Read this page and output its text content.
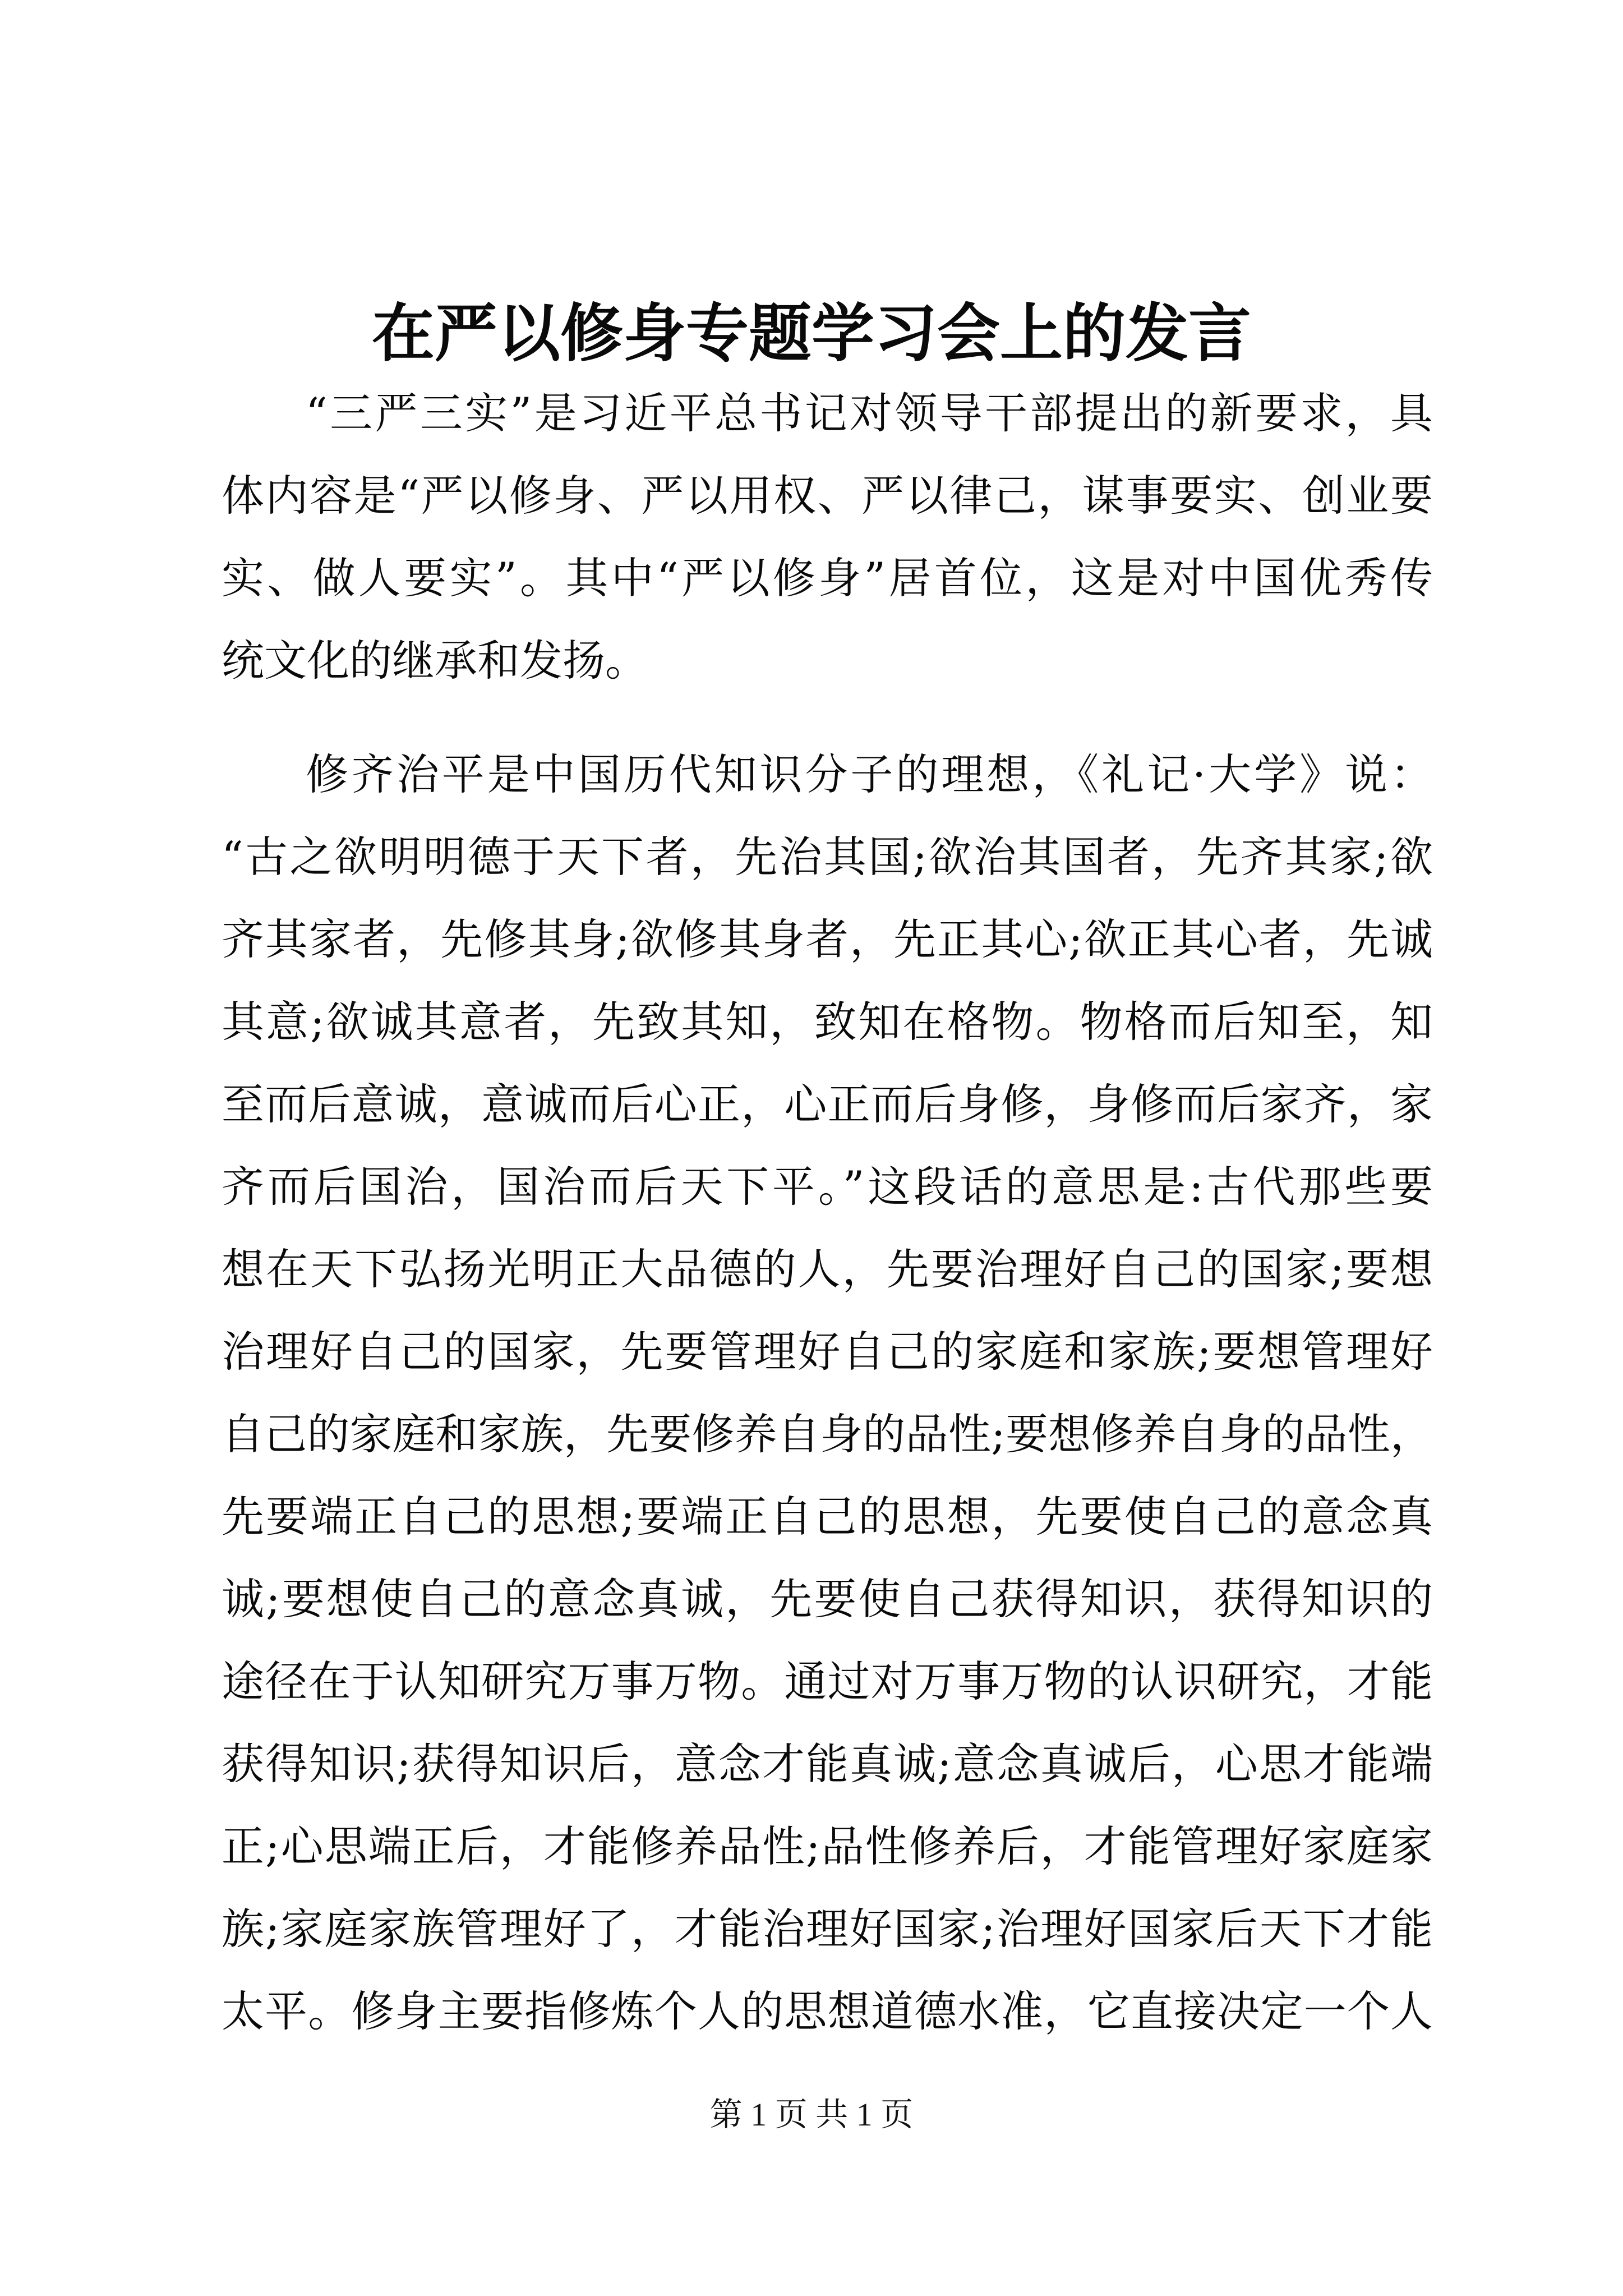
在严以修身专题学习会上的发言
“三严三实”是习近平总书记对领导干部提出的新要求，具
体内容是“严以修身、严以用权、严以律己，谋事要实、创业要
实、做人要实”。其中“严以修身”居首位，这是对中国优秀传
统文化的继承和发扬。
修齐治平是中国历代知识分子的理想，《礼记·大学》说：
“古之欲明明德于天下者，先治其国;欲治其国者，先齐其家;欲
齐其家者，先修其身;欲修其身者，先正其心;欲正其心者，先诚
其意;欲诚其意者，先致其知，致知在格物。物格而后知至，知
至而后意诚，意诚而后心正，心正而后身修，身修而后家齐，家
齐而后国治，国治而后天下平。”这段话的意思是:古代那些要
想在天下弘扬光明正大品德的人，先要治理好自己的国家;要想
治理好自己的国家，先要管理好自己的家庭和家族;要想管理好
自己的家庭和家族，先要修养自身的品性;要想修养自身的品性，
先要端正自己的思想;要端正自己的思想，先要使自己的意念真
诚;要想使自己的意念真诚，先要使自己获得知识，获得知识的
途径在于认知研究万事万物。通过对万事万物的认识研究，才能
获得知识;获得知识后，意念才能真诚;意念真诚后，心思才能端
正;心思端正后，才能修养品性;品性修养后，才能管理好家庭家
族;家庭家族管理好了，才能治理好国家;治理好国家后天下才能
太平。修身主要指修炼个人的思想道德水准，它直接决定一个人
第 1 页 共 1 页
